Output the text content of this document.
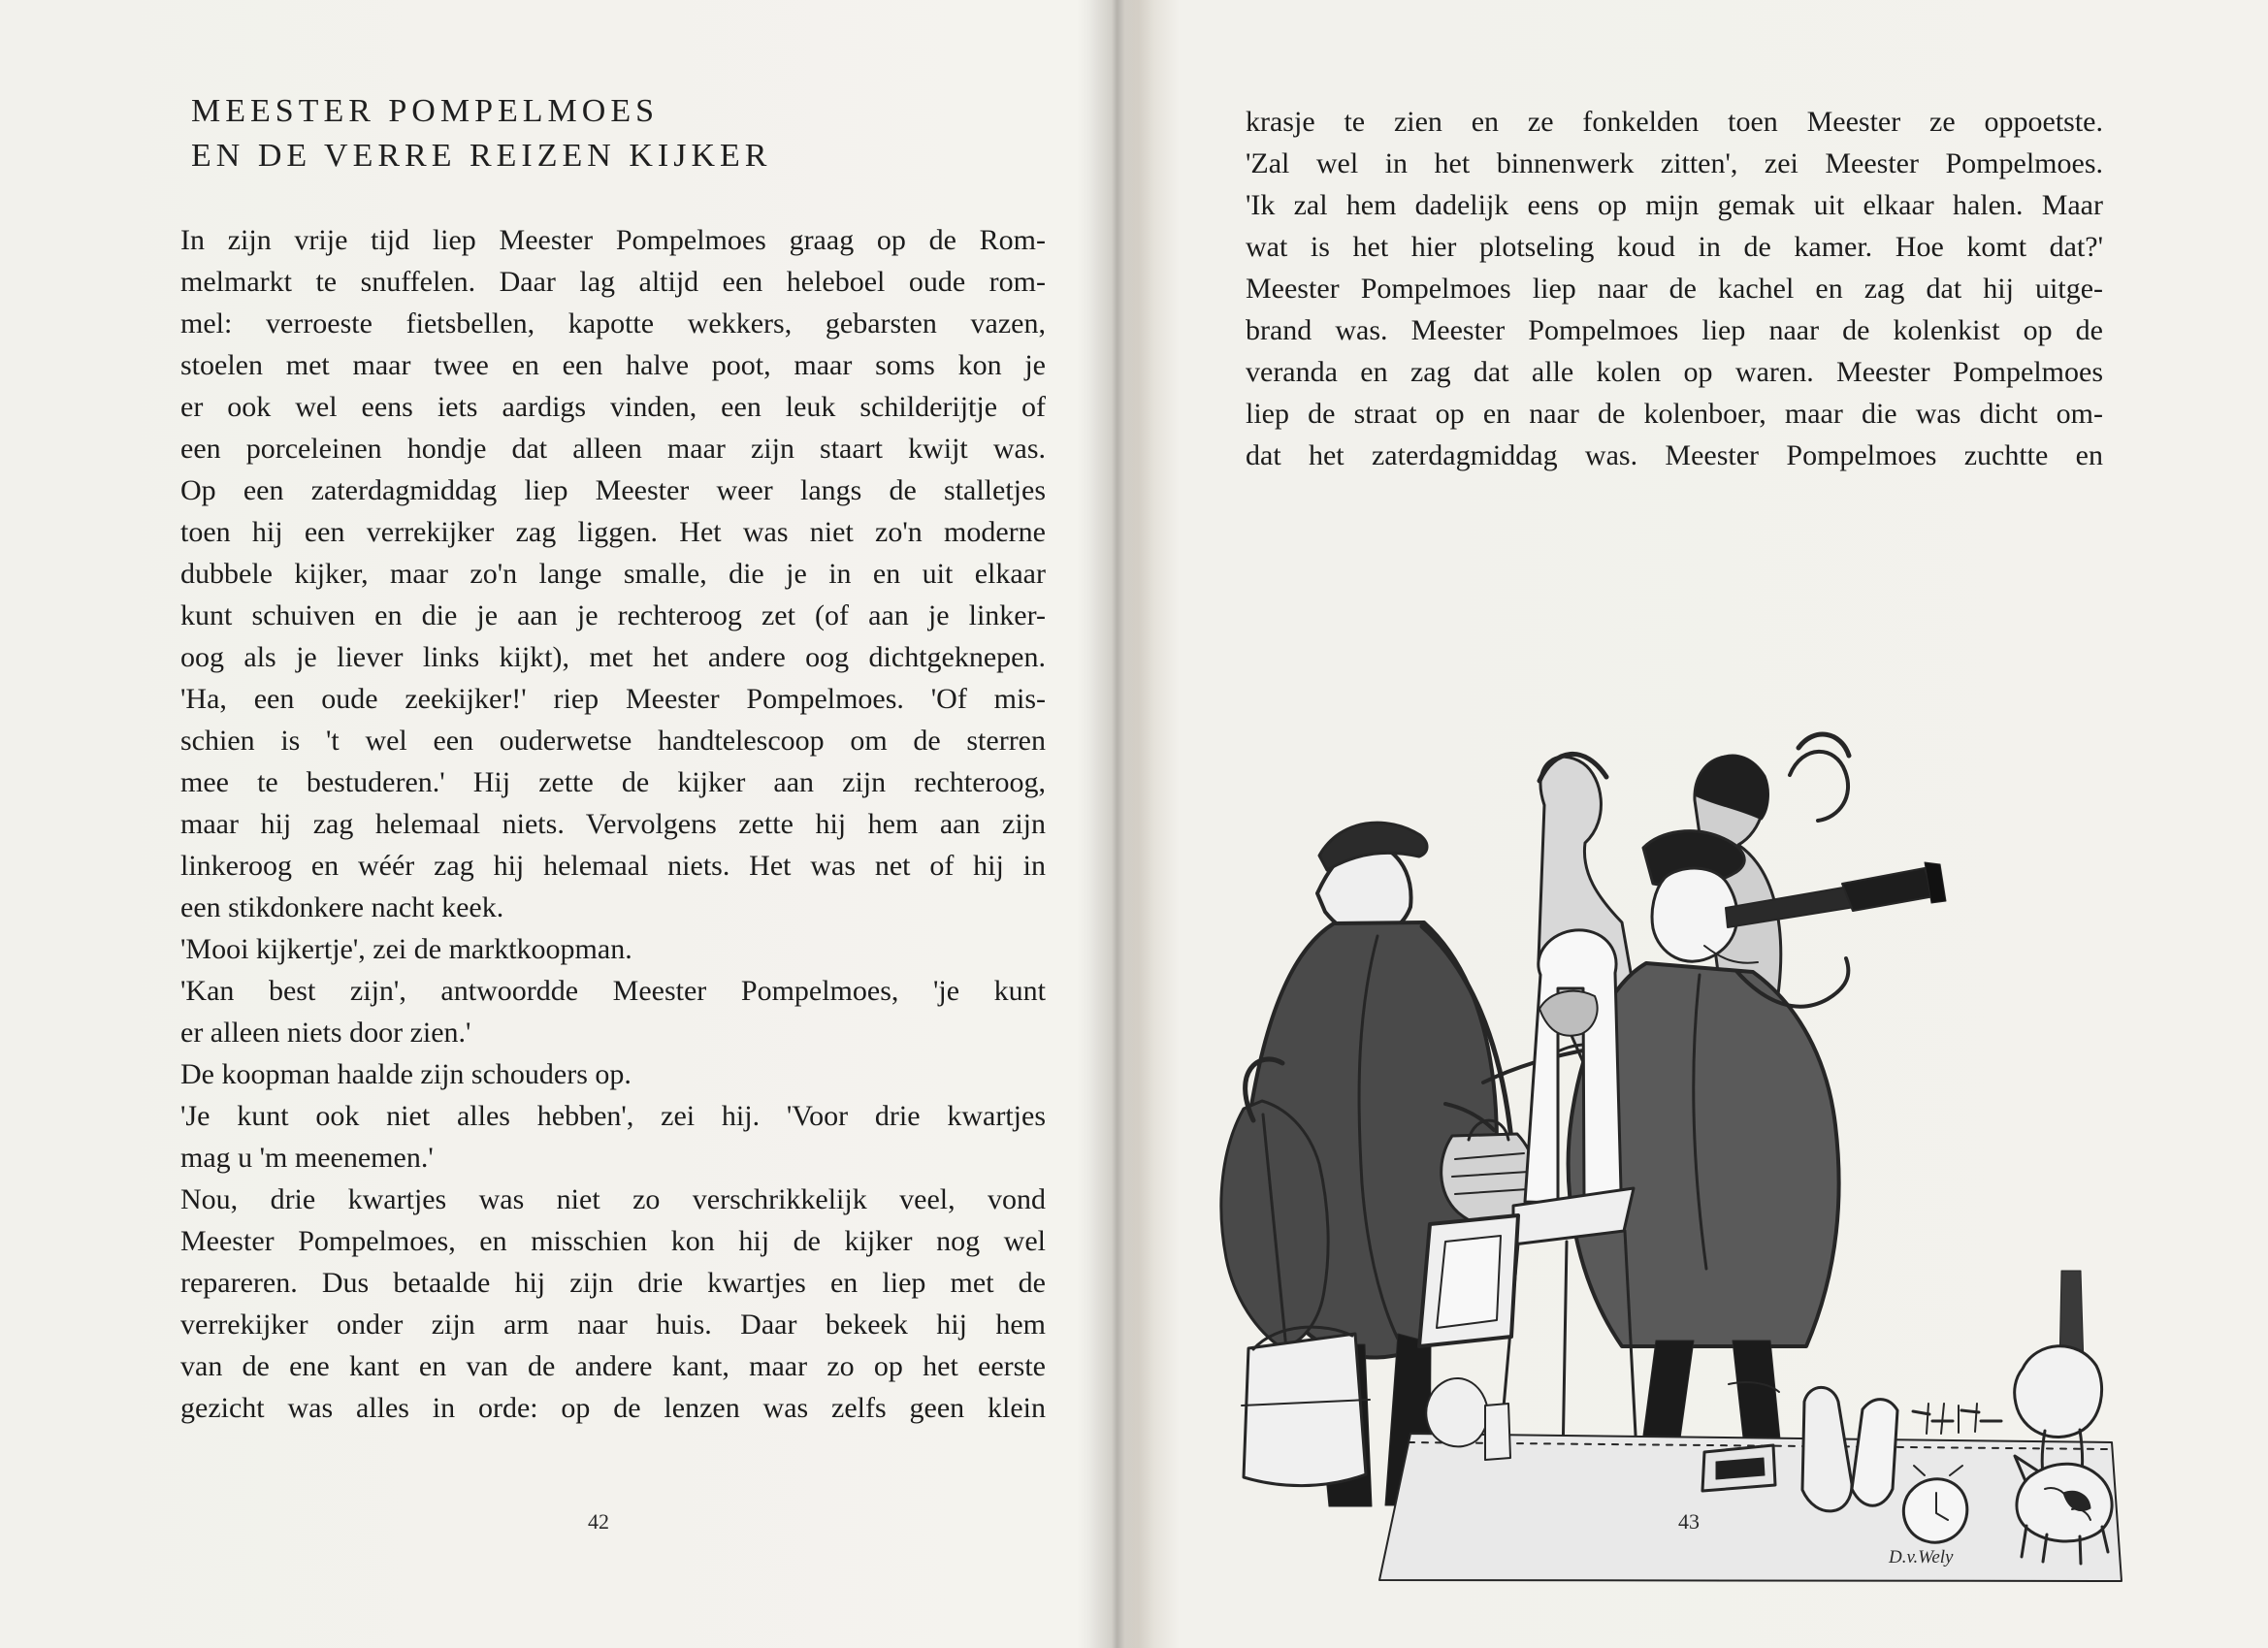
MEESTER POMPELMOES
EN DE VERRE REIZEN KIJKER
In zijn vrije tijd liep Meester Pompelmoes graag op de Rom-
melmarkt te snuffelen. Daar lag altijd een heleboel oude rom-
mel: verroeste fietsbellen, kapotte wekkers, gebarsten vazen,
stoelen met maar twee en een halve poot, maar soms kon je
er ook wel eens iets aardigs vinden, een leuk schilderijtje of
een porceleinen hondje dat alleen maar zijn staart kwijt was.
Op een zaterdagmiddag liep Meester weer langs de stalletjes
toen hij een verrekijker zag liggen. Het was niet zo'n moderne
dubbele kijker, maar zo'n lange smalle, die je in en uit elkaar
kunt schuiven en die je aan je rechteroog zet (of aan je linker-
oog als je liever links kijkt), met het andere oog dichtgeknepen.
'Ha, een oude zeekijker!' riep Meester Pompelmoes. 'Of mis-
schien is 't wel een ouderwetse handtelescoop om de sterren
mee te bestuderen.' Hij zette de kijker aan zijn rechteroog,
maar hij zag helemaal niets. Vervolgens zette hij hem aan zijn
linkeroog en wéér zag hij helemaal niets. Het was net of hij in
een stikdonkere nacht keek.
'Mooi kijkertje', zei de marktkoopman.
'Kan best zijn', antwoordde Meester Pompelmoes, 'je kunt
er alleen niets door zien.'
De koopman haalde zijn schouders op.
'Je kunt ook niet alles hebben', zei hij. 'Voor drie kwartjes
mag u 'm meenemen.'
Nou, drie kwartjes was niet zo verschrikkelijk veel, vond
Meester Pompelmoes, en misschien kon hij de kijker nog wel
repareren. Dus betaalde hij zijn drie kwartjes en liep met de
verrekijker onder zijn arm naar huis. Daar bekeek hij hem
van de ene kant en van de andere kant, maar zo op het eerste
gezicht was alles in orde: op de lenzen was zelfs geen klein
42
krasje te zien en ze fonkelden toen Meester ze oppoetste.
'Zal wel in het binnenwerk zitten', zei Meester Pompelmoes.
'Ik zal hem dadelijk eens op mijn gemak uit elkaar halen. Maar
wat is het hier plotseling koud in de kamer. Hoe komt dat?'
Meester Pompelmoes liep naar de kachel en zag dat hij uitge-
brand was. Meester Pompelmoes liep naar de kolenkist op de
veranda en zag dat alle kolen op waren. Meester Pompelmoes
liep de straat op en naar de kolenboer, maar die was dicht om-
dat het zaterdagmiddag was. Meester Pompelmoes zuchtte en
D.v.Wely
43
